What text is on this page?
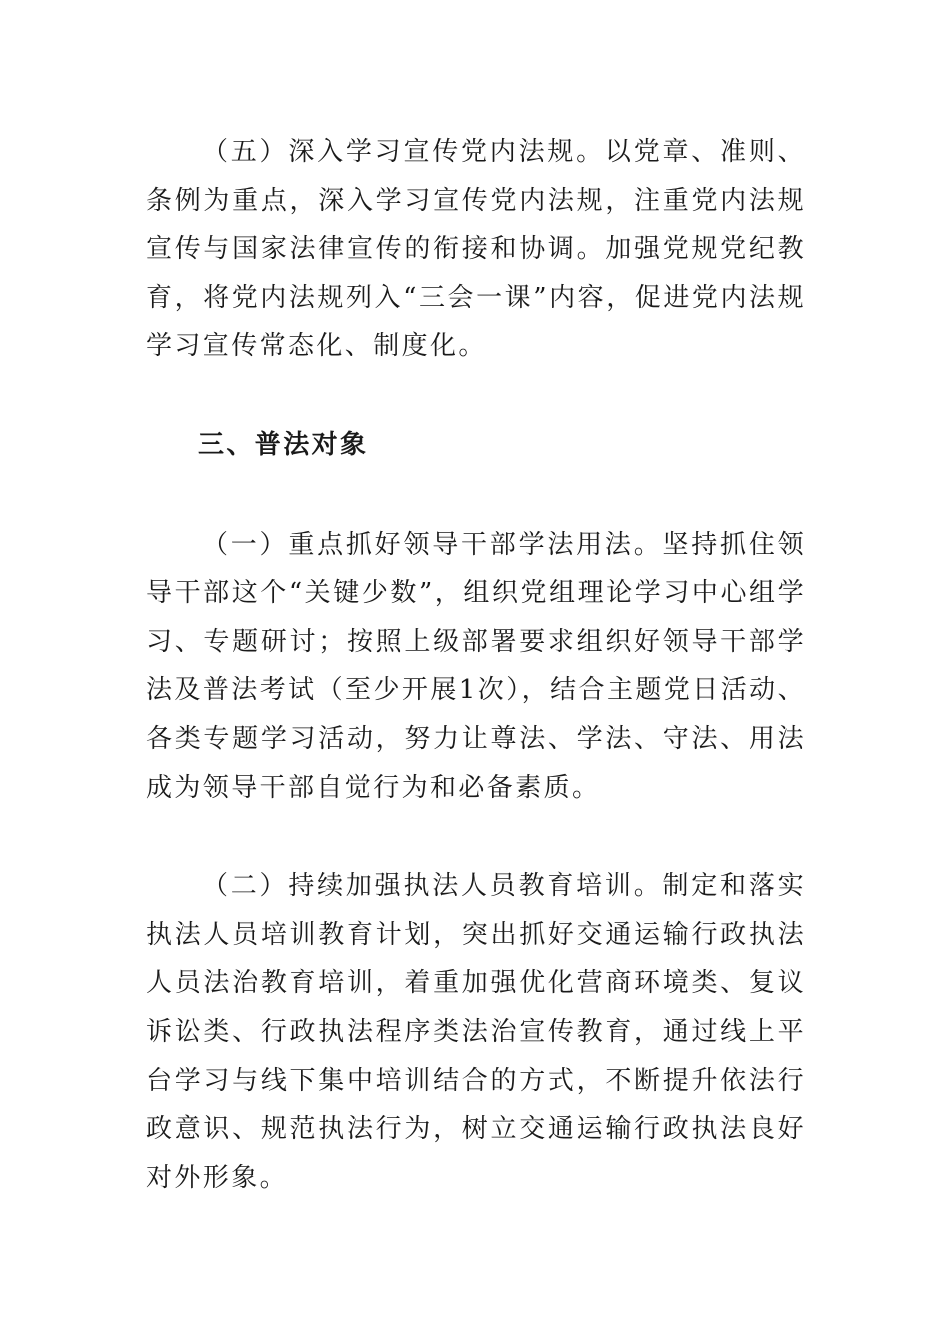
（五）深入学习宣传党内法规。以党章、准则、条例为重点，深入学习宣传党内法规，注重党内法规宣传与国家法律宣传的衔接和协调。加强党规党纪教育，将党内法规列入“三会一课”内容，促进党内法规学习宣传常态化、制度化。

三、普法对象

（一）重点抓好领导干部学法用法。坚持抓住领导干部这个“关键少数”，组织党组理论学习中心组学习、专题研讨；按照上级部署要求组织好领导干部学法及普法考试（至少开展1次），结合主题党日活动、各类专题学习活动，努力让尊法、学法、守法、用法成为领导干部自觉行为和必备素质。

（二）持续加强执法人员教育培训。制定和落实执法人员培训教育计划，突出抓好交通运输行政执法人员法治教育培训，着重加强优化营商环境类、复议诉讼类、行政执法程序类法治宣传教育，通过线上平台学习与线下集中培训结合的方式，不断提升依法行政意识、规范执法行为，树立交通运输行政执法良好对外形象。
